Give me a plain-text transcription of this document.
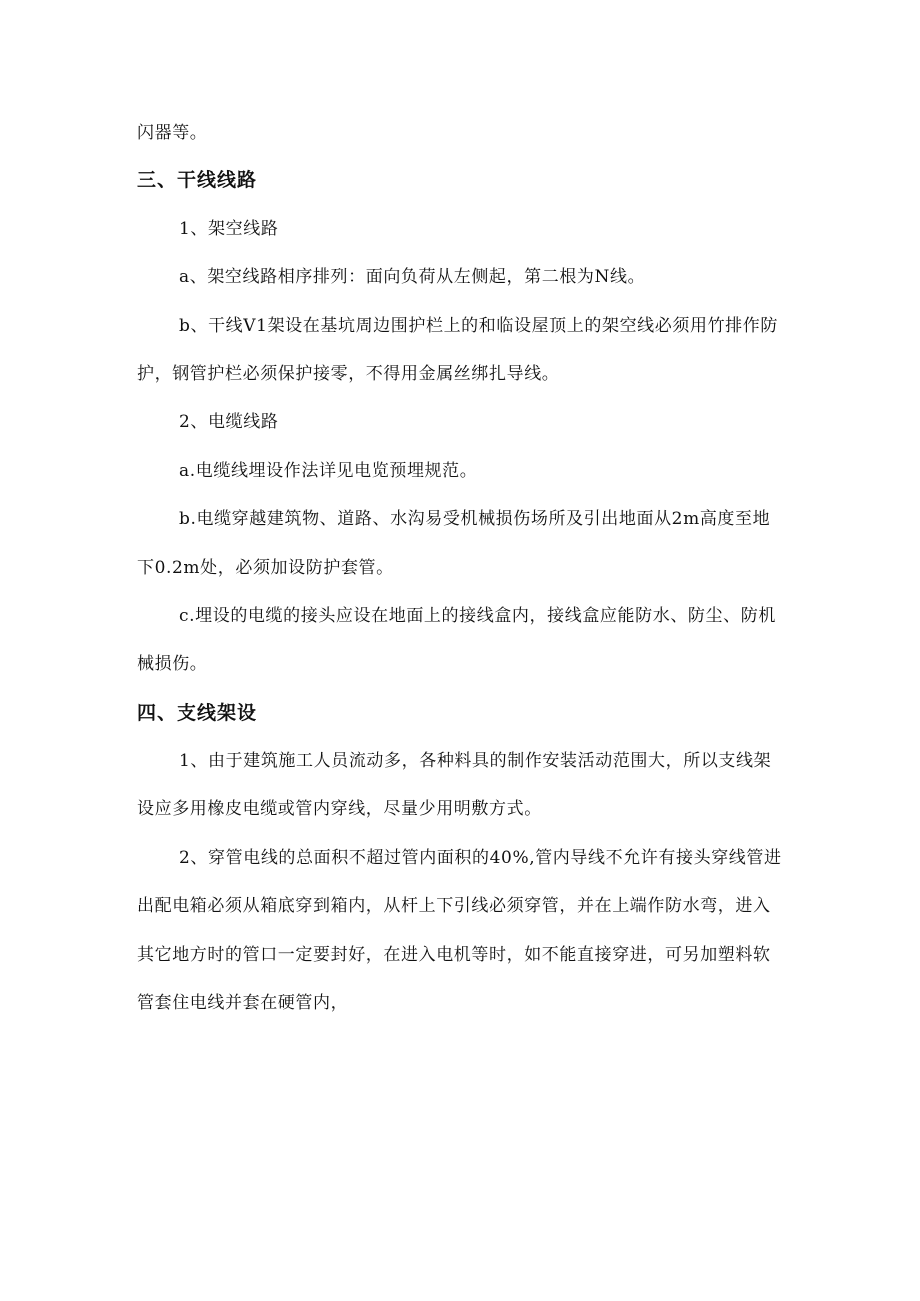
闪器等。
三、干线线路
1、架空线路
a、架空线路相序排列：面向负荷从左侧起，第二根为N线。
b、干线V1架设在基坑周边围护栏上的和临设屋顶上的架空线必须用竹排作防
护，钢管护栏必须保护接零，不得用金属丝绑扎导线。
2、电缆线路
a.电缆线埋设作法详见电览预埋规范。
b.电缆穿越建筑物、道路、水沟易受机械损伤场所及引出地面从2m高度至地
下0.2m处，必须加设防护套管。
c.埋设的电缆的接头应设在地面上的接线盒内，接线盒应能防水、防尘、防机
械损伤。
四、支线架设
1、由于建筑施工人员流动多，各种料具的制作安装活动范围大，所以支线架
设应多用橡皮电缆或管内穿线，尽量少用明敷方式。
2、穿管电线的总面积不超过管内面积的40%,管内导线不允许有接头穿线管进
出配电箱必须从箱底穿到箱内，从杆上下引线必须穿管，并在上端作防水弯，进入
其它地方时的管口一定要封好，在进入电机等时，如不能直接穿进，可另加塑料软
管套住电线并套在硬管内，
